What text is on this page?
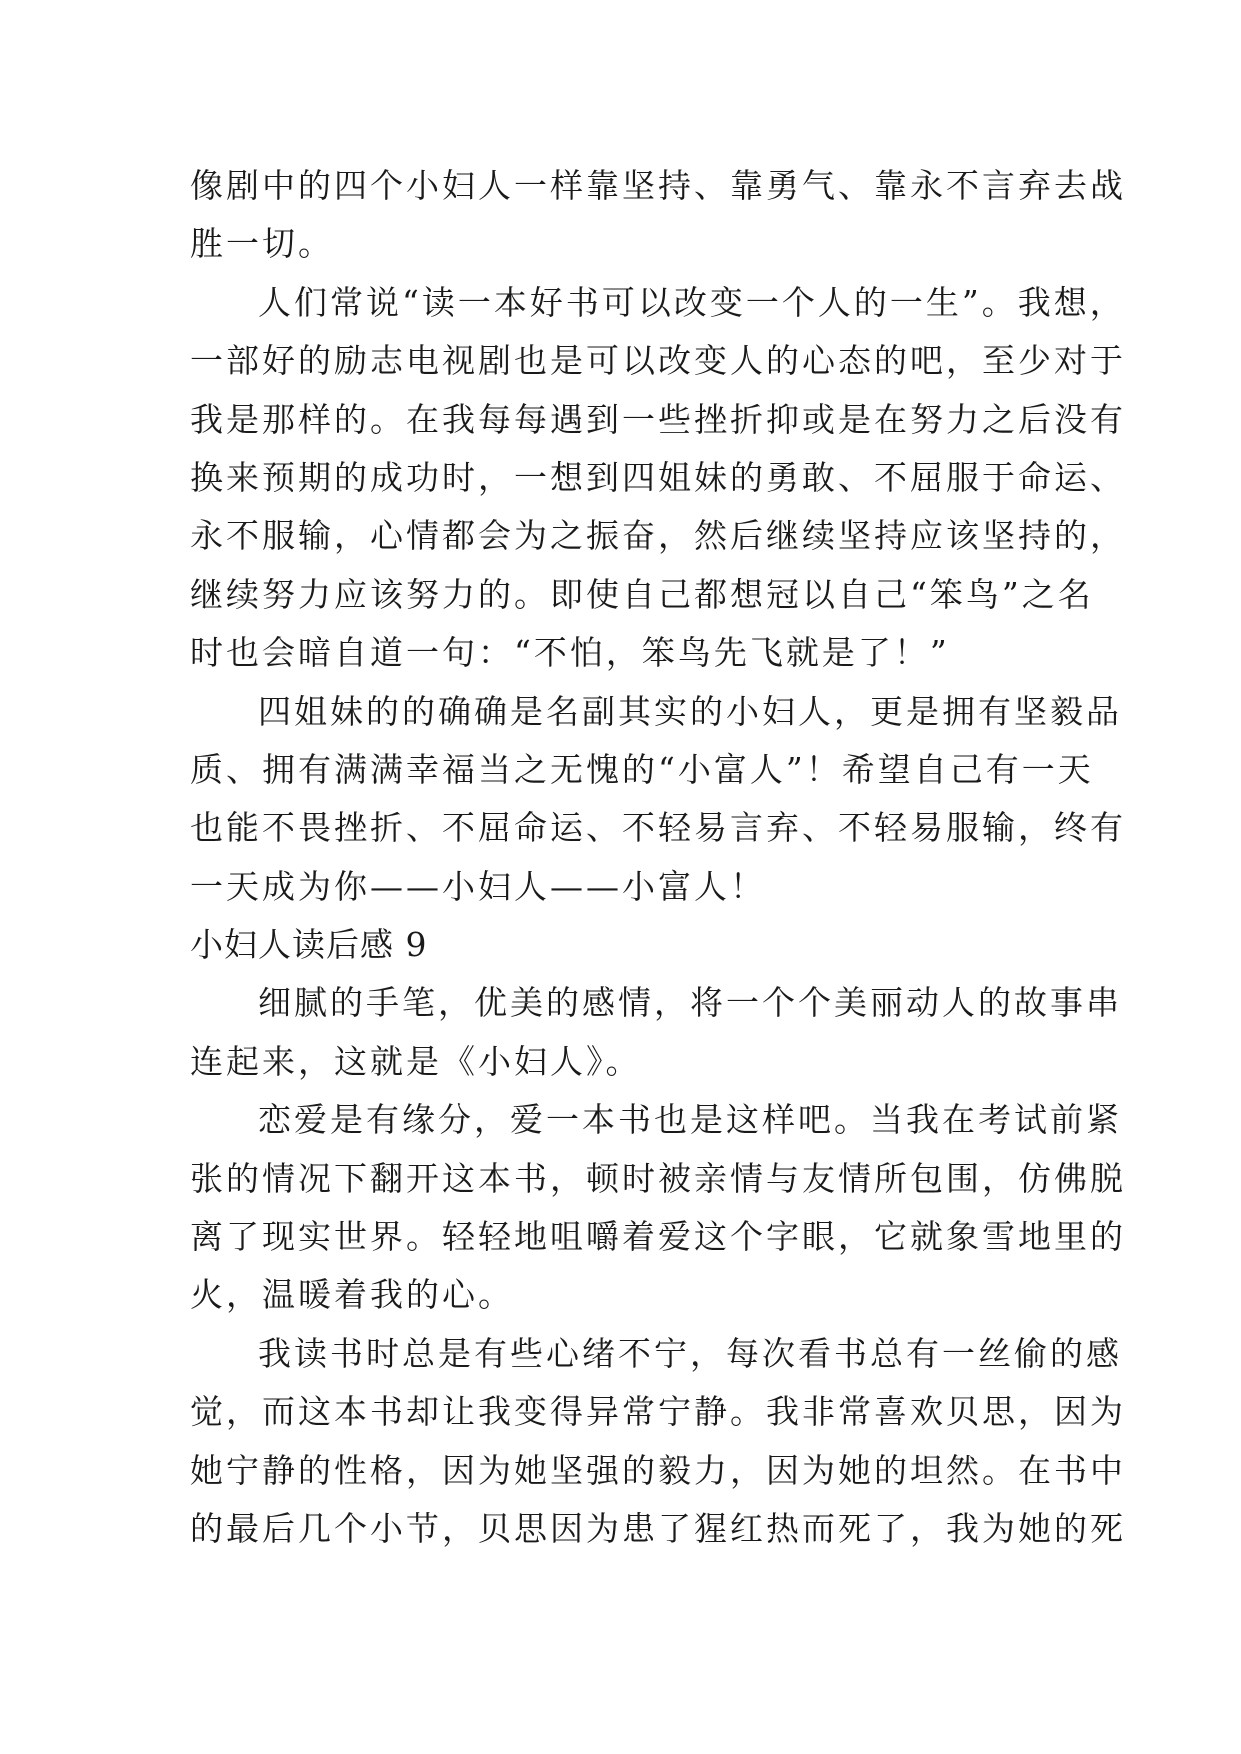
像剧中的四个小妇人一样靠坚持、靠勇气、靠永不言弃去战
胜一切。
人们常说“读一本好书可以改变一个人的一生”。我想，
一部好的励志电视剧也是可以改变人的心态的吧，至少对于
我是那样的。在我每每遇到一些挫折抑或是在努力之后没有
换来预期的成功时，一想到四姐妹的勇敢、不屈服于命运、
永不服输，心情都会为之振奋，然后继续坚持应该坚持的，
继续努力应该努力的。即使自己都想冠以自己“笨鸟”之名
时也会暗自道一句：“不怕，笨鸟先飞就是了！”
四姐妹的的确确是名副其实的小妇人，更是拥有坚毅品
质、拥有满满幸福当之无愧的“小富人”！希望自己有一天
也能不畏挫折、不屈命运、不轻易言弃、不轻易服输，终有
一天成为你——小妇人——小富人！
小妇人读后感 9
细腻的手笔，优美的感情，将一个个美丽动人的故事串
连起来，这就是《小妇人》。
恋爱是有缘分，爱一本书也是这样吧。当我在考试前紧
张的情况下翻开这本书，顿时被亲情与友情所包围，仿佛脱
离了现实世界。轻轻地咀嚼着爱这个字眼，它就象雪地里的
火，温暖着我的心。
我读书时总是有些心绪不宁，每次看书总有一丝偷的感
觉，而这本书却让我变得异常宁静。我非常喜欢贝思，因为
她宁静的性格，因为她坚强的毅力，因为她的坦然。在书中
的最后几个小节，贝思因为患了猩红热而死了，我为她的死
